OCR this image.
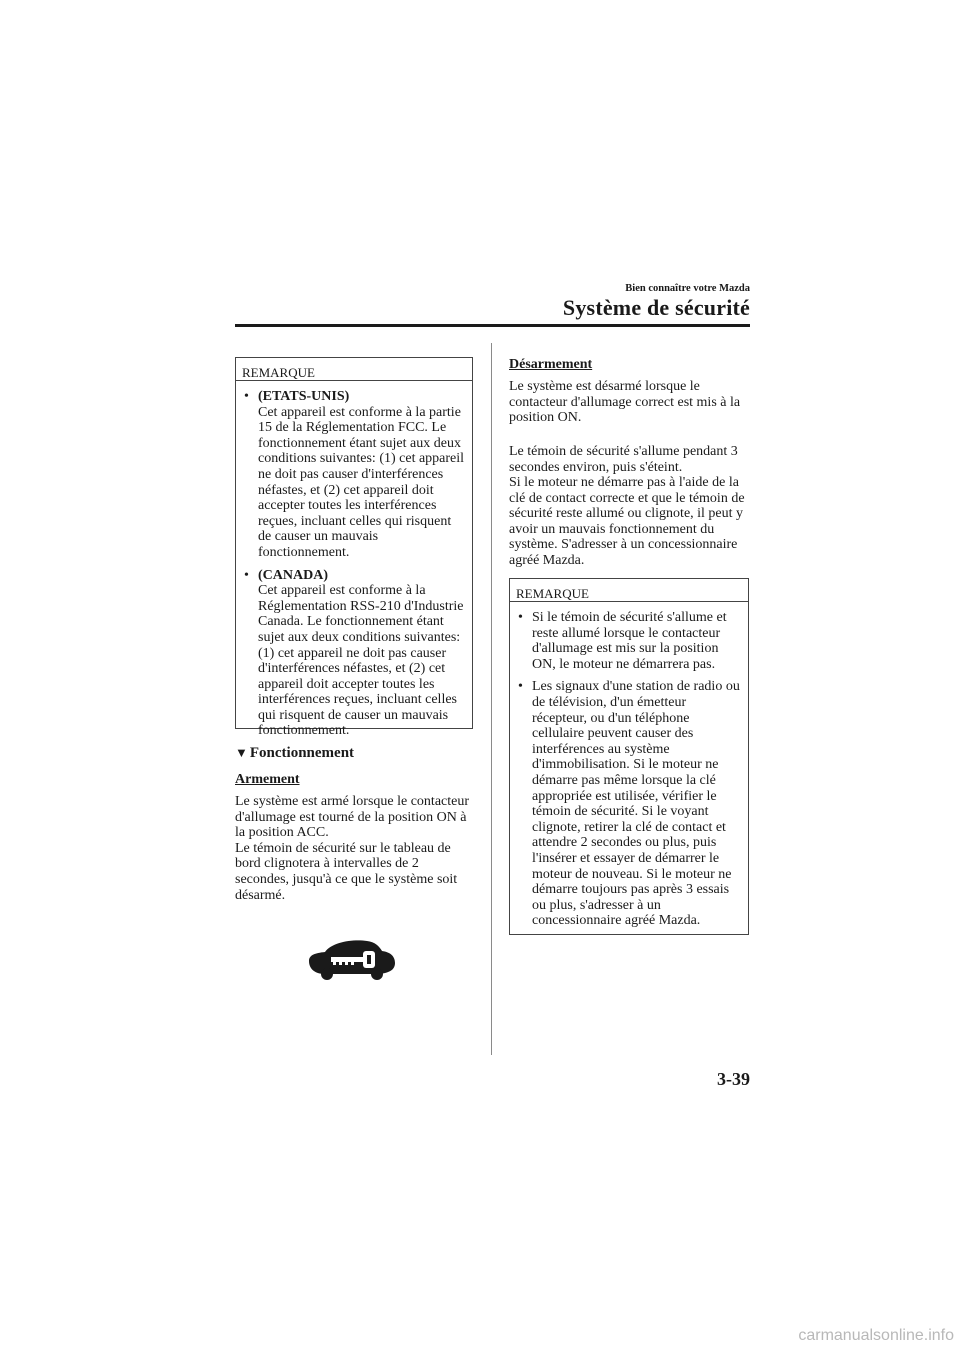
Bien connaître votre Mazda
Système de sécurité
REMARQUE
• (ETATS-UNIS)
Cet appareil est conforme à la partie 15 de la Réglementation FCC. Le fonctionnement étant sujet aux deux conditions suivantes: (1) cet appareil ne doit pas causer d'interférences néfastes, et (2) cet appareil doit accepter toutes les interférences reçues, incluant celles qui risquent de causer un mauvais fonctionnement.
• (CANADA)
Cet appareil est conforme à la Réglementation RSS-210 d'Industrie Canada. Le fonctionnement étant sujet aux deux conditions suivantes: (1) cet appareil ne doit pas causer d'interférences néfastes, et (2) cet appareil doit accepter toutes les interférences reçues, incluant celles qui risquent de causer un mauvais fonctionnement.
▼ Fonctionnement
Armement
Le système est armé lorsque le contacteur d'allumage est tourné de la position ON à la position ACC.
Le témoin de sécurité sur le tableau de bord clignotera à intervalles de 2 secondes, jusqu'à ce que le système soit désarmé.
Désarmement
Le système est désarmé lorsque le contacteur d'allumage correct est mis à la position ON.
Le témoin de sécurité s'allume pendant 3 secondes environ, puis s'éteint.
Si le moteur ne démarre pas à l'aide de la clé de contact correcte et que le témoin de sécurité reste allumé ou clignote, il peut y avoir un mauvais fonctionnement du système. S'adresser à un concessionnaire agréé Mazda.
REMARQUE
• Si le témoin de sécurité s'allume et reste allumé lorsque le contacteur d'allumage est mis sur la position ON, le moteur ne démarrera pas.
• Les signaux d'une station de radio ou de télévision, d'un émetteur récepteur, ou d'un téléphone cellulaire peuvent causer des interférences au système d'immobilisation. Si le moteur ne démarre pas même lorsque la clé appropriée est utilisée, vérifier le témoin de sécurité. Si le voyant clignote, retirer la clé de contact et attendre 2 secondes ou plus, puis l'insérer et essayer de démarrer le moteur de nouveau. Si le moteur ne démarre toujours pas après 3 essais ou plus, s'adresser à un concessionnaire agréé Mazda.
3-39
carmanualsonline.info
